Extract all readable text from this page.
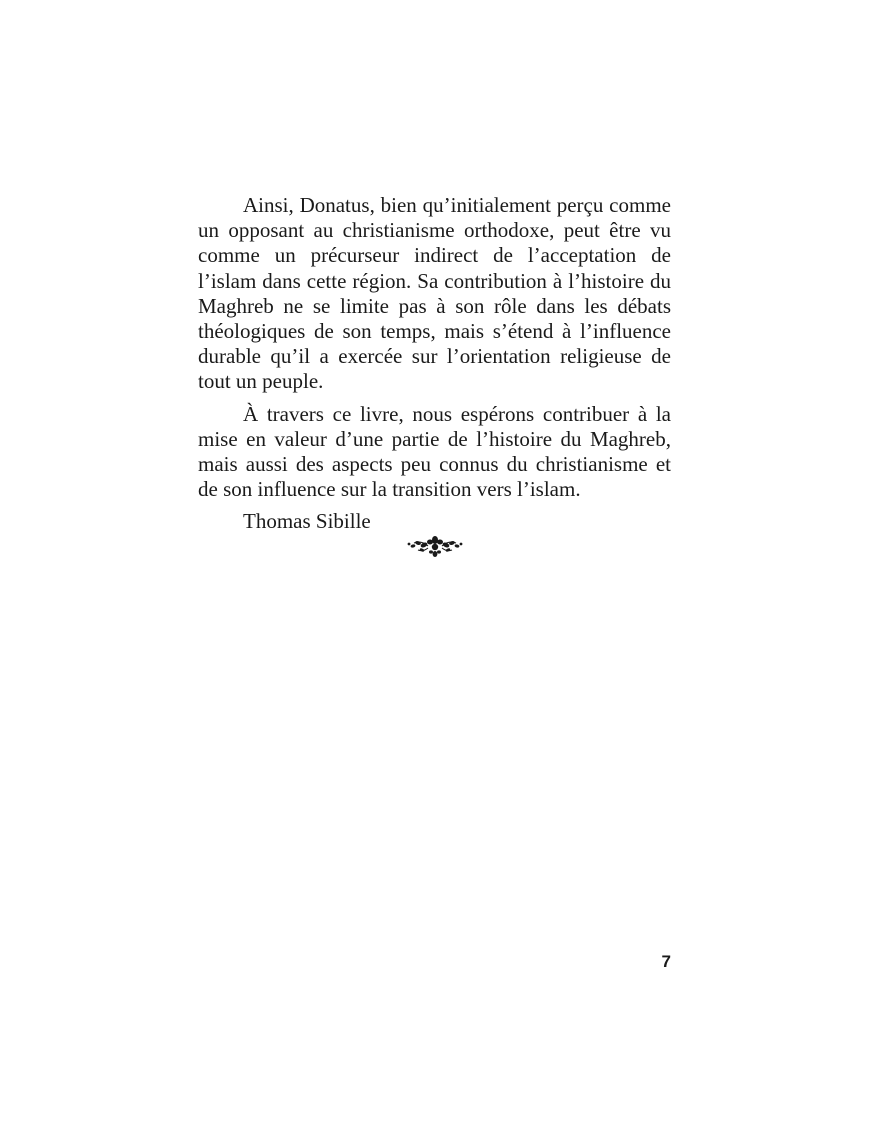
Ainsi, Donatus, bien qu’initialement perçu comme un opposant au christianisme orthodoxe, peut être vu comme un précurseur indirect de l’acceptation de l’islam dans cette région. Sa contribution à l’histoire du Maghreb ne se limite pas à son rôle dans les débats théologiques de son temps, mais s’étend à l’influence durable qu’il a exercée sur l’orientation religieuse de tout un peuple.

À travers ce livre, nous espérons contribuer à la mise en valeur d’une partie de l’histoire du Maghreb, mais aussi des aspects peu connus du christianisme et de son influence sur la transition vers l’islam.

Thomas Sibille

7
